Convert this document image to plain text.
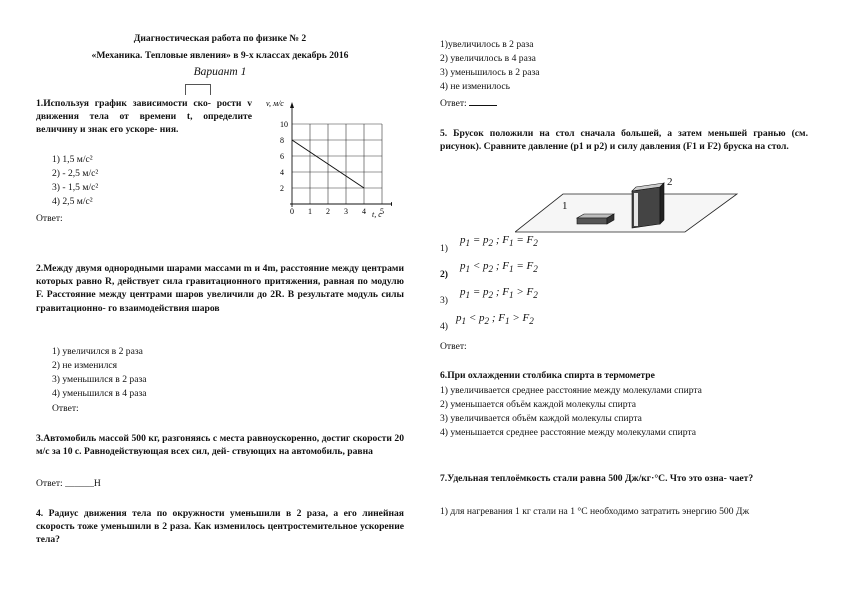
Диагностическая работа по физике № 2
«Механика. Тепловые явления» в 9-х классах декабрь 2016
Вариант 1
1.Используя график зависимости ско- рости v движения тела от времени t, определите величину и знак его ускоре- ния.
1) 1,5 м/с²
2) - 2,5 м/с²
3) - 1,5 м/с²
4) 2,5 м/с²
Ответ:
0 1 2 3 4 5
2
4
6
8
10
v, м/с
t, с
2.Между двумя однородными шарами массами m и 4m, расстояние между центрами которых равно R, действует сила гравитационного притяжения, равная по модулю F. Расстояние между центрами шаров увеличили до 2R. В результате модуль силы гравитационно- го взаимодействия шаров
1) увеличился в 2 раза
2) не изменился
3) уменьшился в 2 раза
4) уменьшился в 4 раза
Ответ:
3.Автомобиль массой 500 кг, разгоняясь с места равноускоренно, достиг скорости 20 м/с за 10 с. Равнодействующая всех сил, дей- ствующих на автомобиль, равна
Ответ: ______Н
4. Радиус движения тела по окружности уменьшили в 2 раза, а его линейная скорость тоже уменьшили в 2 раза. Как изменилось центростемительное ускорение тела?
1)увеличилось в 2 раза
2) увеличилось в 4 раза
3) уменьшилось в 2 раза
4) не изменилось
Ответ:
5. Брусок положили на стол сначала большей, а затем меньшей гранью (см. рисунок). Сравните давление (р1 и р2) и силу давления (F1 и F2) бруска на стол.
1
2
1)
$p_1 = p_2$ ; $F_1 = F_2$
2)
$p_1 < p_2$ ; $F_1 = F_2$
3)
$p_1 = p_2$ ; $F_1 > F_2$
4)
$p_1 < p_2$ ; $F_1 > F_2$
Ответ:
6.При охлаждении столбика спирта в термометре
1) увеличивается среднее расстояние между молекулами спирта
2) уменьшается объём каждой молекулы спирта
3) увеличивается объём каждой молекулы спирта
4) уменьшается среднее расстояние между молекулами спирта
7.Удельная теплоёмкость стали равна 500 Дж/кг·°С. Что это озна- чает?
1) для нагревания 1 кг стали на 1 °С необходимо затратить энергию 500 Дж
